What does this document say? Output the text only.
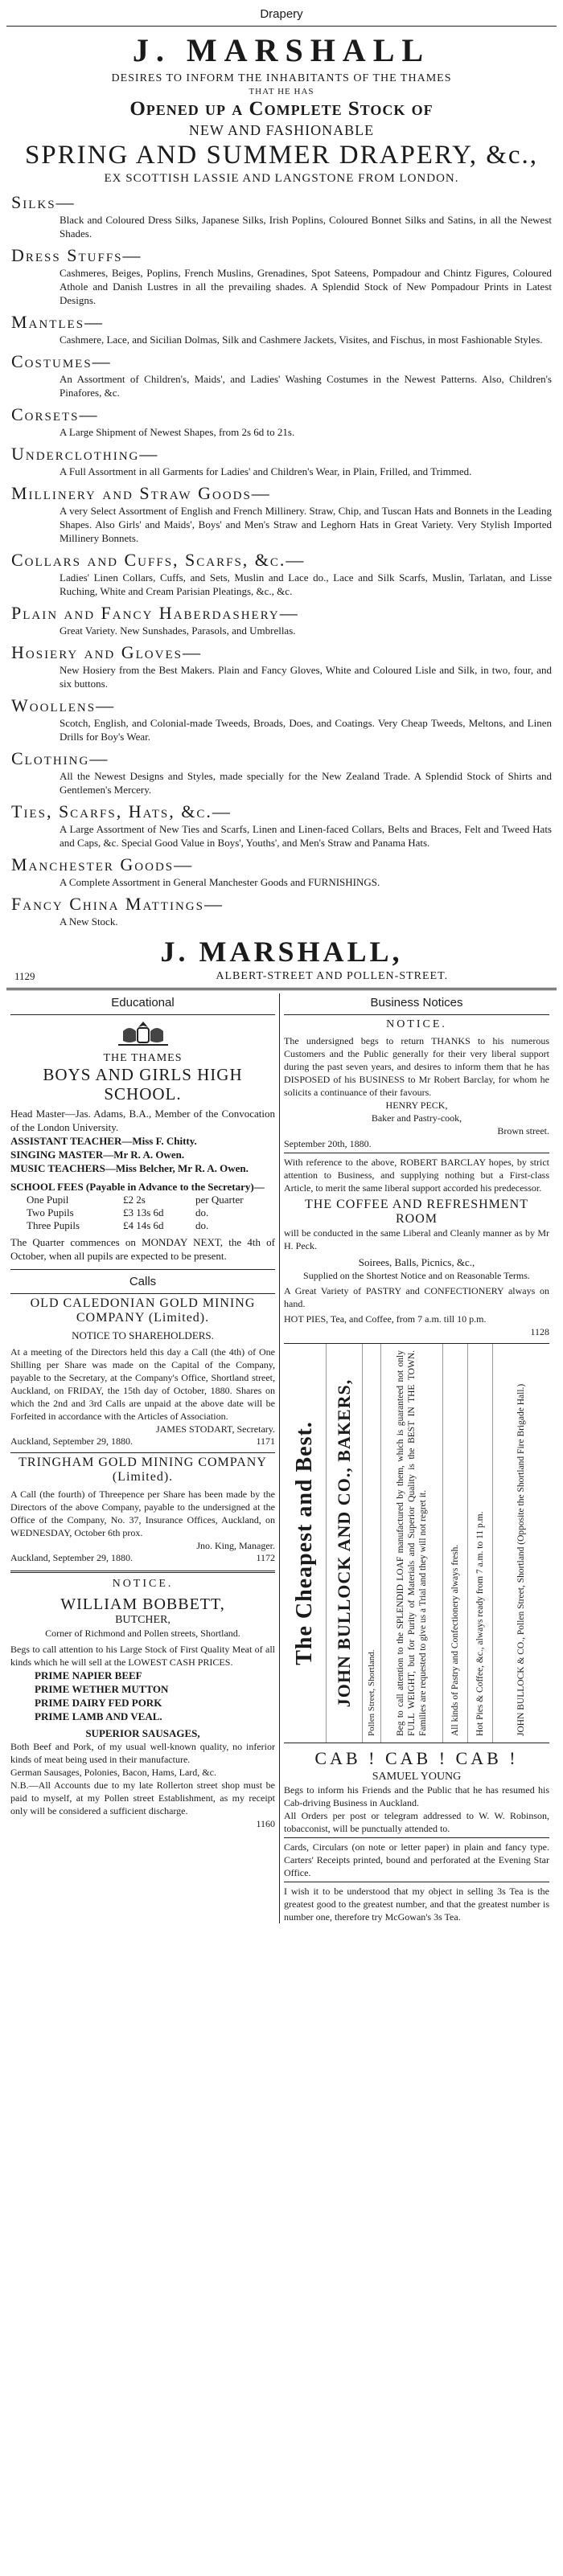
Drapery
J. MARSHALL
DESIRES TO INFORM THE INHABITANTS OF THE THAMES
THAT HE HAS
Opened up a Complete Stock of
NEW AND FASHIONABLE
SPRING AND SUMMER DRAPERY, &c.,
EX SCOTTISH LASSIE AND LANGSTONE FROM LONDON.
Silks—
Black and Coloured Dress Silks, Japanese Silks, Irish Poplins, Coloured Bonnet Silks and Satins, in all the Newest Shades.
Dress Stuffs—
Cashmeres, Beiges, Poplins, French Muslins, Grenadines, Spot Sateens, Pompadour and Chintz Figures, Coloured Athole and Danish Lustres in all the prevailing shades. A Splendid Stock of New Pompadour Prints in Latest Designs.
Mantles—
Cashmere, Lace, and Sicilian Dolmas, Silk and Cashmere Jackets, Visites, and Fischus, in most Fashionable Styles.
Costumes—
An Assortment of Children's, Maids', and Ladies' Washing Costumes in the Newest Patterns. Also, Children's Pinafores, &c.
Corsets—
A Large Shipment of Newest Shapes, from 2s 6d to 21s.
Underclothing—
A Full Assortment in all Garments for Ladies' and Children's Wear, in Plain, Frilled, and Trimmed.
Millinery and Straw Goods—
A very Select Assortment of English and French Millinery. Straw, Chip, and Tuscan Hats and Bonnets in the Leading Shapes. Also Girls' and Maids', Boys' and Men's Straw and Leghorn Hats in Great Variety. Very Stylish Imported Millinery Bonnets.
Collars and Cuffs, Scarfs, &c.—
Ladies' Linen Collars, Cuffs, and Sets, Muslin and Lace do., Lace and Silk Scarfs, Muslin, Tarlatan, and Lisse Ruching, White and Cream Parisian Pleatings, &c., &c.
Plain and Fancy Haberdashery—
Great Variety. New Sunshades, Parasols, and Umbrellas.
Hosiery and Gloves—
New Hosiery from the Best Makers. Plain and Fancy Gloves, White and Coloured Lisle and Silk, in two, four, and six buttons.
Woollens—
Scotch, English, and Colonial-made Tweeds, Broads, Does, and Coatings. Very Cheap Tweeds, Meltons, and Linen Drills for Boy's Wear.
Clothing—
All the Newest Designs and Styles, made specially for the New Zealand Trade. A Splendid Stock of Shirts and Gentlemen's Mercery.
Ties, Scarfs, Hats, &c.—
A Large Assortment of New Ties and Scarfs, Linen and Linen-faced Collars, Belts and Braces, Felt and Tweed Hats and Caps, &c. Special Good Value in Boys', Youths', and Men's Straw and Panama Hats.
Manchester Goods—
A Complete Assortment in General Manchester Goods and FURNISHINGS.
Fancy China Mattings—
A New Stock.
J. MARSHALL,
1129	ALBERT-STREET AND POLLEN-STREET.
Educational
THE THAMES
BOYS AND GIRLS HIGH
SCHOOL.
Head Master—Jas. Adams, B.A., Member of the Convocation of the London University.
ASSISTANT TEACHER—Miss F. Chitty.
SINGING MASTER—Mr R. A. Owen.
MUSIC TEACHERS—Miss Belcher, Mr R. A. Owen.
SCHOOL FEES (Payable in Advance to the Secretary)—
One Pupil	£2 2s	per Quarter
Two Pupils	£3 13s 6d	do.
Three Pupils	£4 14s 6d	do.
The Quarter commences on MONDAY NEXT, the 4th of October, when all pupils are expected to be present.
Calls
OLD CALEDONIAN GOLD MINING COMPANY (Limited).
NOTICE TO SHAREHOLDERS.
At a meeting of the Directors held this day a Call (the 4th) of One Shilling per Share was made on the Capital of the Company, payable to the Secretary, at the Company's Office, Shortland street, Auckland, on FRIDAY, the 15th day of October, 1880. Shares on which the 2nd and 3rd Calls are unpaid at the above date will be Forfeited in accordance with the Articles of Association.
JAMES STODART, Secretary.
Auckland, September 29, 1880.	1171
TRINGHAM GOLD MINING COMPANY (Limited).
A Call (the fourth) of Threepence per Share has been made by the Directors of the above Company, payable to the undersigned at the Office of the Company, No. 37, Insurance Offices, Auckland, on WEDNESDAY, October 6th prox.
Jno. King, Manager.
Auckland, September 29, 1880.	1172
NOTICE.
WILLIAM BOBBETT,
BUTCHER,
Corner of Richmond and Pollen streets, Shortland.
Begs to call attention to his Large Stock of First Quality Meat of all kinds which he will sell at the LOWEST CASH PRICES.
PRIME NAPIER BEEF
PRIME WETHER MUTTON
PRIME DAIRY FED PORK
PRIME LAMB AND VEAL.
SUPERIOR SAUSAGES,
Both Beef and Pork, of my usual well-known quality, no inferior kinds of meat being used in their manufacture.
German Sausages, Polonies, Bacon, Hams, Lard, &c.
N.B.—All Accounts due to my late Rollerton street shop must be paid to myself, at my Pollen street Establishment, as my receipt only will be considered a sufficient discharge.
1160
Business Notices
NOTICE.
The undersigned begs to return THANKS to his numerous Customers and the Public generally for their very liberal support during the past seven years, and desires to inform them that he has DISPOSED of his BUSINESS to Mr Robert Barclay, for whom he solicits a continuance of their favours.
HENRY PECK,
Baker and Pastry-cook,
Brown street.
September 20th, 1880.
With reference to the above, ROBERT BARCLAY hopes, by strict attention to Business, and supplying nothing but a First-class Article, to merit the same liberal support accorded his predecessor.
THE COFFEE AND REFRESHMENT ROOM
will be conducted in the same Liberal and Cleanly manner as by Mr H. Peck.
Soirees, Balls, Picnics, &c.,
Supplied on the Shortest Notice and on Reasonable Terms.
A Great Variety of PASTRY and CONFECTIONERY always on hand.
HOT PIES, Tea, and Coffee, from 7 a.m. till 10 p.m.
1128
The Cheapest and Best. JOHN BULLOCK AND CO., BAKERS, Pollen Street, Shortland. Beg to call attention to the SPLENDID LOAF manufactured by them, which is guaranteed not only FULL WEIGHT, but for Purity of Materials and Superior Quality is the BEST IN THE TOWN. Families are requested to give us a Trial and they will not regret it. All kinds of Pastry and Confectionery always fresh. Hot Pies & Coffee, &c., always ready from 7 a.m. to 11 p.m.	JOHN BULLOCK & CO., Pollen Street, Shortland (Opposite the Shortland Fire Brigade Hall.)
CAB ! CAB ! CAB !
SAMUEL YOUNG
Begs to inform his Friends and the Public that he has resumed his Cab-driving Business in Auckland.
All Orders per post or telegram addressed to W. W. Robinson, tobacconist, will be punctually attended to.
Cards, Circulars (on note or letter paper) in plain and fancy type. Carters' Receipts printed, bound and perforated at the Evening Star Office.
I wish it to be understood that my object in selling 3s Tea is the greatest good to the greatest number, and that the greatest number is number one, therefore try McGowan's 3s Tea.
